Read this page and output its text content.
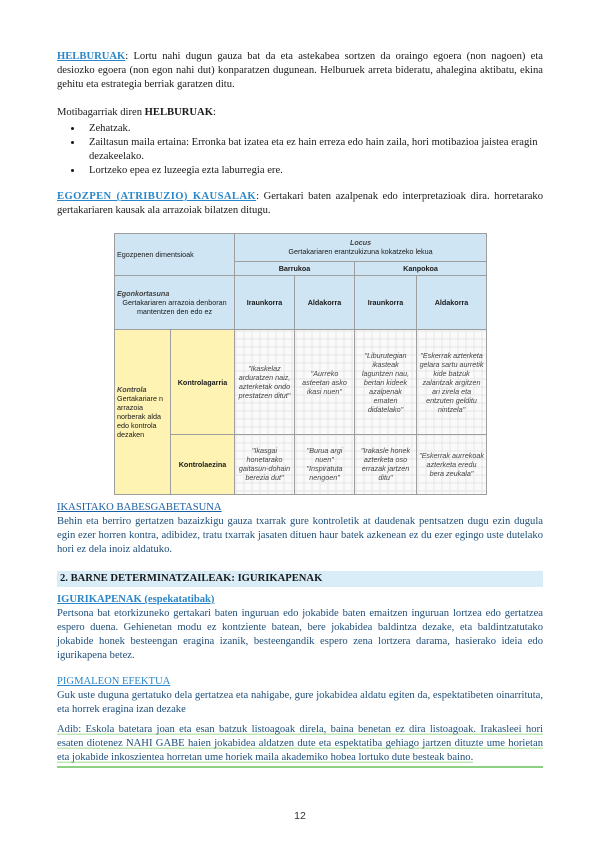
HELBURUAK: Lortu nahi dugun gauza bat da eta astekabea sortzen da oraingo egoera (non nagoen) eta desiozko egoera (non egon nahi dut) konparatzen dugunean. Helburuek arreta bideratu, ahalegina aktibatu, ekina gehitu eta estrategia berriak garatzen ditu.

Motibagarriak diren HELBURUAK:

• Zehatzak.
• Zailtasun maila ertaina: Erronka bat izatea eta ez hain erreza edo hain zaila, hori motibazioa jaistea eragin dezakeelako.
• Lortzeko epea ez luzeegia ezta laburregia ere.

EGOZPEN (ATRIBUZIO) KAUSALAK: Gertakari baten azalpenak edo interpretazioak dira. horretarako gertakariaren kausak ala arrazoiak bilatzen ditugu.

Egozpenen dimentsioak		Locus
Gertakariaren erantzukizuna kokatzeko lekua			

		Barrukoa		Kanpokoa	

Egonkortasuna
Gertakariaren arrazoia denboran mantentzen den edo ez		Iraunkorra	Aldakorra	Iraunkorra	Aldakorra

Kontrola
Gertakariare n arrazoia norberak alda edo kontrola dezaken	Kontrolagarria	"Ikaskelaz arduratzen naiz, azterketak ondo prestatzen ditut"	"Aurreko asteetan asko ikasi nuen"	"Liburutegian ikasteak laguntzen nau, bertan kideek azalpenak ematen didatelako"	"Eskerrak azterketa gelara sartu aurretik kide batzuk zalantzak argitzen ari zirela eta entzuten gelditu nintzela"
	Kontrolaezina	"Ikasgai honetarako gaitasun-dohain berezia dut"	"Burua argi nuen" "Inspiratuta nengoen"	"Irakasle honek azterketa oso errazak jartzen ditu"	"Eskerrak aurrekoak azterketa eredu bera zeukala"

IKASITAKO BABESGABETASUNA

Behin eta berriro gertatzen bazaizkigu gauza txarrak gure kontroletik at daudenak pentsatzen dugu ezin dugula egin ezer horren kontra, adibidez, tratu txarrak jasaten dituen haur batek azkenean ez du ezer egingo uste dutelako hori ez dela inoiz aldatuko.

2. BARNE DETERMINATZAILEAK: IGURIKAPENAK

IGURIKAPENAK (espekatatibak)

Pertsona bat etorkizuneko gertakari baten inguruan edo jokabide baten emaitzen inguruan lortzea edo gertatzea espero duena. Gehienetan modu ez kontziente batean, bere jokabidea baldintza dezake, eta baldintzatutako jokabide honek besteengan eragina izanik, besteengandik espero zena lortzera darama, hasierako ideia edo igurikapena betez.

PIGMALEON EFEKTUA

Guk uste duguna gertatuko dela gertatzea eta nahigabe, gure jokabidea aldatu egiten da, espektatibeten oinarrituta, eta horrek eragina izan dezake

Adib: Eskola batetara joan eta esan batzuk listoagoak direla, baina benetan ez dira listoagoak. Irakasleei hori esaten diotenez NAHI GABE haien jokabidea aldatzen dute eta espektatiba gehiago jartzen dituzte ume horietan eta jokabide inkoszientea horretan ume horiek maila akademiko hobea lortuko dute besteak baino.

12
